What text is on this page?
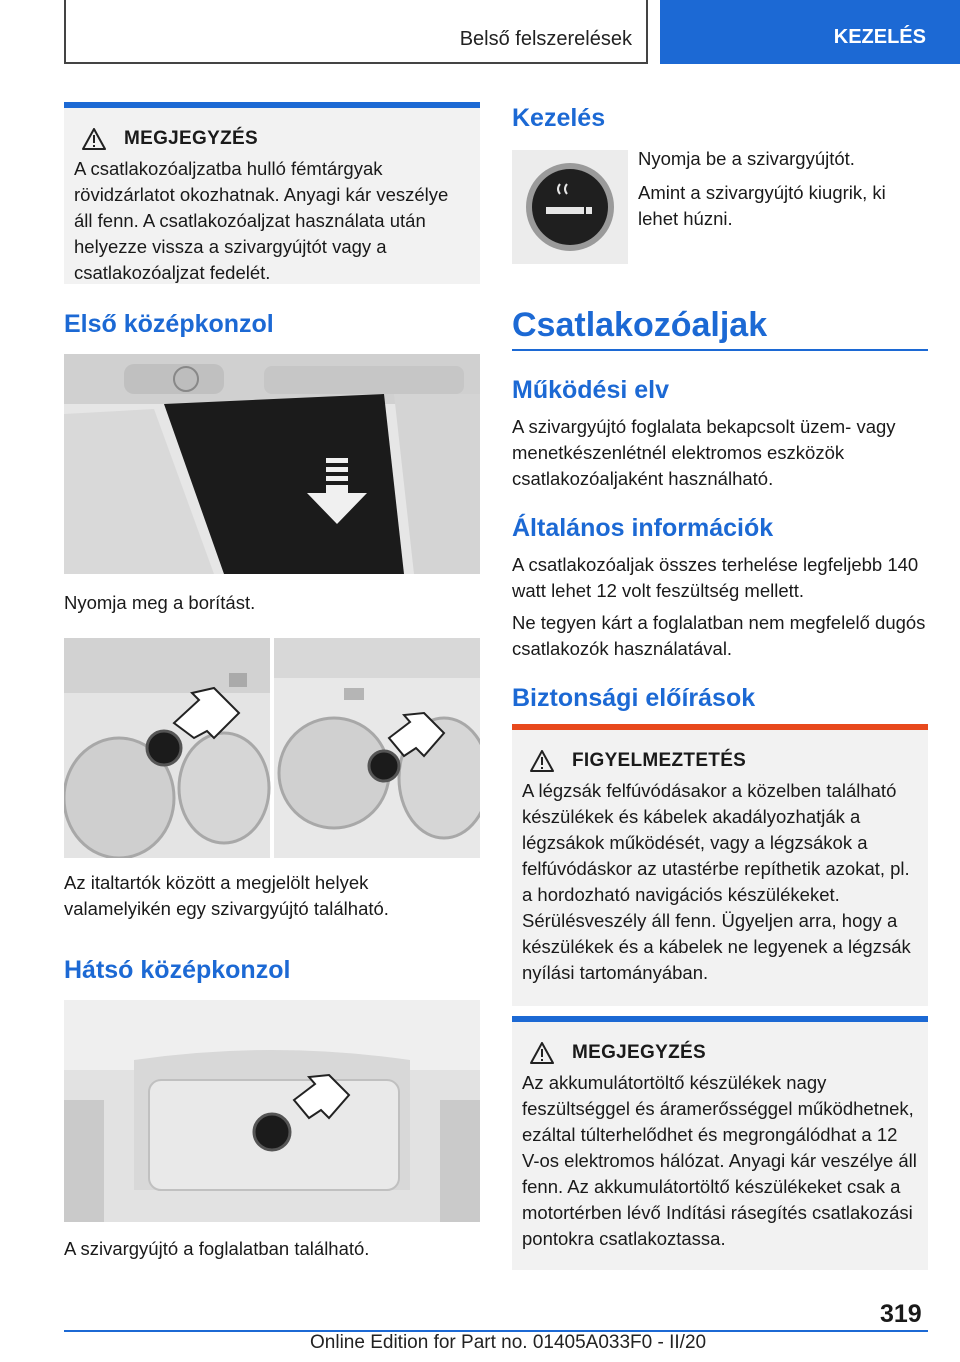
Belső felszerelések	KEZELÉS
MEGJEGYZÉS
A csatlakozóaljzatba hulló fémtárgyak rövidzárlatot okozhatnak. Anyagi kár veszélye áll fenn. A csatlakozóaljzat használata után helyezze vissza a szivargyújtót vagy a csatlakozóaljzat fedelét.
Első középkonzol
Nyomja meg a borítást.
Az italtartók között a megjelölt helyek valamelyikén egy szivargyújtó található.
Hátsó középkonzol
A szivargyújtó a foglalatban található.
Kezelés
Nyomja be a szivargyújtót.
Amint a szivargyújtó kiugrik, ki lehet húzni.
Csatlakozóaljak
Működési elv
A szivargyújtó foglalata bekapcsolt üzem- vagy menetkészenlétnél elektromos eszközök csatlakozóaljaként használható.
Általános információk
A csatlakozóaljak összes terhelése legfeljebb 140 watt lehet 12 volt feszültség mellett.
Ne tegyen kárt a foglalatban nem megfelelő dugós csatlakozók használatával.
Biztonsági előírások
FIGYELMEZTETÉS
A légzsák felfúvódásakor a közelben található készülékek és kábelek akadályozhatják a légzsákok működését, vagy a légzsákok a felfúvódáskor az utastérbe repíthetik azokat, pl. a hordozható navigációs készülékeket.
Sérülésveszély áll fenn. Ügyeljen arra, hogy a készülékek és a kábelek ne legyenek a légzsák nyílási tartományában.
MEGJEGYZÉS
Az akkumulátortöltő készülékek nagy feszültséggel és áramerősséggel működhetnek, ezáltal túlterhelődhet és megrongálódhat a 12 V-os elektromos hálózat. Anyagi kár veszélye áll fenn. Az akkumulátortöltő készülékeket csak a motortérben lévő Indítási rásegítés csatlakozási pontokra csatlakoztassa.
319
Online Edition for Part no. 01405A033F0 - II/20
